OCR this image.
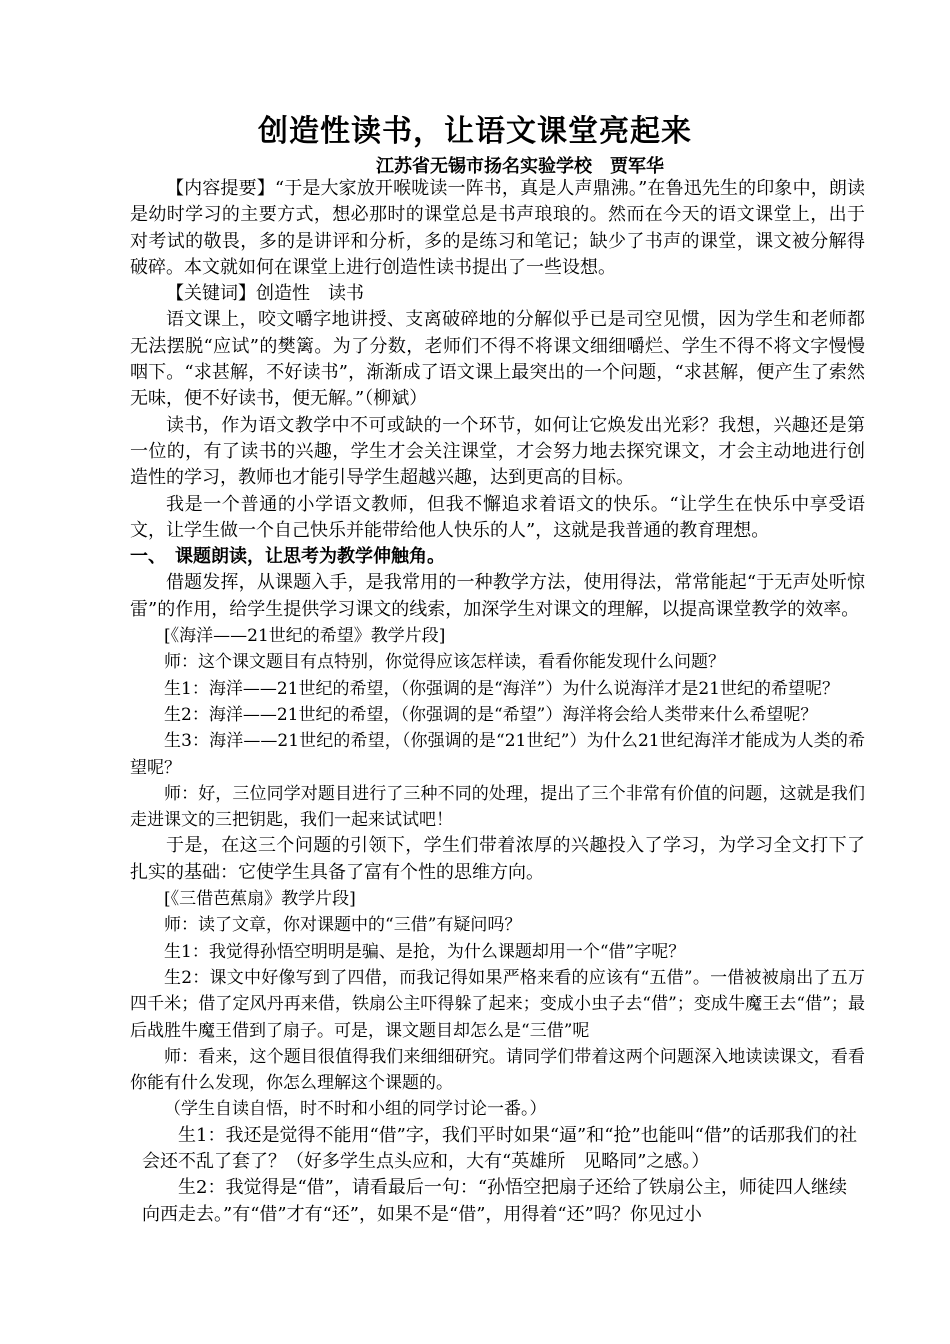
创造性读书，让语文课堂亮起来
江苏省无锡市扬名实验学校　贾军华

【内容提要】“于是大家放开喉咙读一阵书，真是人声鼎沸。”在鲁迅先生的印象中，朗读是幼时学习的主要方式，想必那时的课堂总是书声琅琅的。然而在今天的语文课堂上，出于对考试的敬畏，多的是讲评和分析，多的是练习和笔记；缺少了书声的课堂，课文被分解得破碎。本文就如何在课堂上进行创造性读书提出了一些设想。

【关键词】创造性　读书

语文课上，咬文嚼字地讲授、支离破碎地的分解似乎已是司空见惯，因为学生和老师都无法摆脱“应试”的樊篱。为了分数，老师们不得不将课文细细嚼烂、学生不得不将文字慢慢咽下。“求甚解，不好读书”，渐渐成了语文课上最突出的一个问题，“求甚解，便产生了索然无味，便不好读书，便无解。”（柳斌）

读书，作为语文教学中不可或缺的一个环节，如何让它焕发出光彩？我想，兴趣还是第一位的，有了读书的兴趣，学生才会关注课堂，才会努力地去探究课文，才会主动地进行创造性的学习，教师也才能引导学生超越兴趣，达到更高的目标。

我是一个普通的小学语文教师，但我不懈追求着语文的快乐。“让学生在快乐中享受语文，让学生做一个自己快乐并能带给他人快乐的人”，这就是我普通的教育理想。

一、　课题朗读，让思考为教学伸触角。

借题发挥，从课题入手，是我常用的一种教学方法，使用得法，常常能起“于无声处听惊雷”的作用，给学生提供学习课文的线索，加深学生对课文的理解，以提高课堂教学的效率。

[《海洋——21世纪的希望》教学片段]

师：这个课文题目有点特别，你觉得应该怎样读，看看你能发现什么问题？

生1：海洋——21世纪的希望，（你强调的是“海洋”）为什么说海洋才是21世纪的希望呢？

生2：海洋——21世纪的希望，（你强调的是“希望”）海洋将会给人类带来什么希望呢？

生3：海洋——21世纪的希望，（你强调的是“21世纪”）为什么21世纪海洋才能成为人类的希望呢？

师：好，三位同学对题目进行了三种不同的处理，提出了三个非常有价值的问题，这就是我们走进课文的三把钥匙，我们一起来试试吧！

于是，在这三个问题的引领下，学生们带着浓厚的兴趣投入了学习，为学习全文打下了扎实的基础：它使学生具备了富有个性的思维方向。

[《三借芭蕉扇》教学片段]

师：读了文章，你对课题中的“三借”有疑问吗？

生1：我觉得孙悟空明明是骗、是抢，为什么课题却用一个“借”字呢？

生2：课文中好像写到了四借，而我记得如果严格来看的应该有“五借”。一借被被扇出了五万四千米；借了定风丹再来借，铁扇公主吓得躲了起来；变成小虫子去“借”；变成牛魔王去“借”；最后战胜牛魔王借到了扇子。可是，课文题目却怎么是“三借”呢

师：看来，这个题目很值得我们来细细研究。请同学们带着这两个问题深入地读读课文，看看你能有什么发现，你怎么理解这个课题的。

（学生自读自悟，时不时和小组的同学讨论一番。）

生1：我还是觉得不能用“借”字，我们平时如果“逼”和“抢”也能叫“借”的话那我们的社会还不乱了套了？（好多学生点头应和，大有“英雄所　见略同”之感。）

生2：我觉得是“借”，请看最后一句：“孙悟空把扇子还给了铁扇公主，师徒四人继续向西走去。”有“借”才有“还”，如果不是“借”，用得着“还”吗？你见过小
